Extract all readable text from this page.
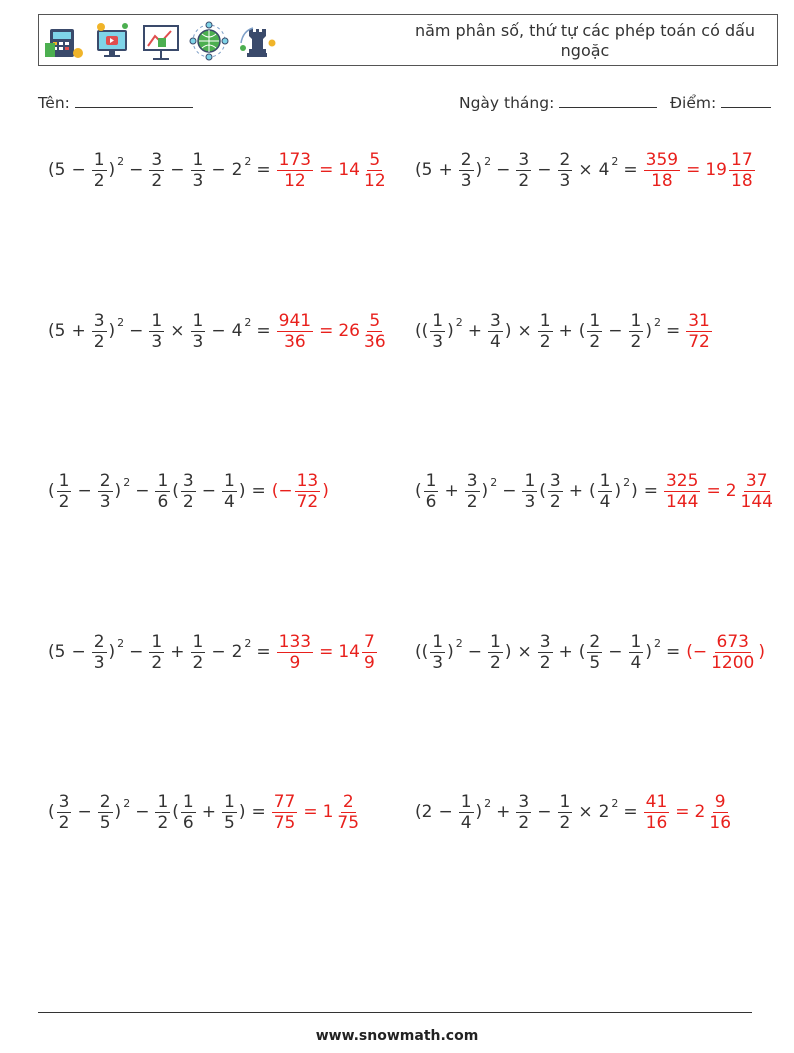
năm phân số, thứ tự các phép toán có dấu ngoặc
Tên:	Ngày tháng:	Điểm:
($5 - \frac{1}{2}$ ) $2 - \frac{3}{2} - \frac{1}{3} - 2$ $2 = \frac{173}{12} = 14 \frac{5}{12} (5 + \frac{2}{3}$ ) $2 - \frac{3}{2} - \frac{2}{3} \times 4$ $2 = \frac{359}{18} = 19 \frac{17}{18}$
($5 + \frac{3}{2}$ ) $2 - \frac{1}{3} \times \frac{1}{3} - 4$ $2 = \frac{941}{36} = 26 \frac{5}{36}$ (( $\frac{1}{3}$ ) $2 + \frac{3}{4}$ ) × $\frac{1}{2}$ + ( $\frac{1}{2} - \frac{1}{2}$ ) $2 = \frac{31}{72}$
( $\frac{1}{2} - \frac{2}{3}$ ) $2 - \frac{1}{6}$ ( $\frac{3}{2} - \frac{1}{4}$ ) = (− $\frac{13}{72}$ )	( $\frac{1}{6} + \frac{3}{2}$ ) $2 - \frac{1}{3}$ ( $\frac{3}{2}$ + ( $\frac{1}{4}$ ) 2 ) = $\frac{325}{144} = 2 \frac{37}{144}$
($5 - \frac{2}{3}$ ) $2 - \frac{1}{2} + \frac{1}{2} - 2$ $2 = \frac{133}{9} = 14 \frac{7}{9}$ (( $\frac{1}{3}$ ) $2 - \frac{1}{2}$ ) × $\frac{3}{2}$ + ( $\frac{2}{5} - \frac{1}{4}$ ) 2 = (− $\frac{673}{1200}$ )
( $\frac{3}{2} - \frac{2}{5}$ ) $2 - \frac{1}{2}$ ( $\frac{1}{6} + \frac{1}{5}$ ) = $\frac{77}{75} = 1 \frac{2}{75}$	($2 - \frac{1}{4}$ ) $2 + \frac{3}{2} - \frac{1}{2} \times 2$ $2 = \frac{41}{16} = 2 \frac{9}{16}$
www.snowmath.com
